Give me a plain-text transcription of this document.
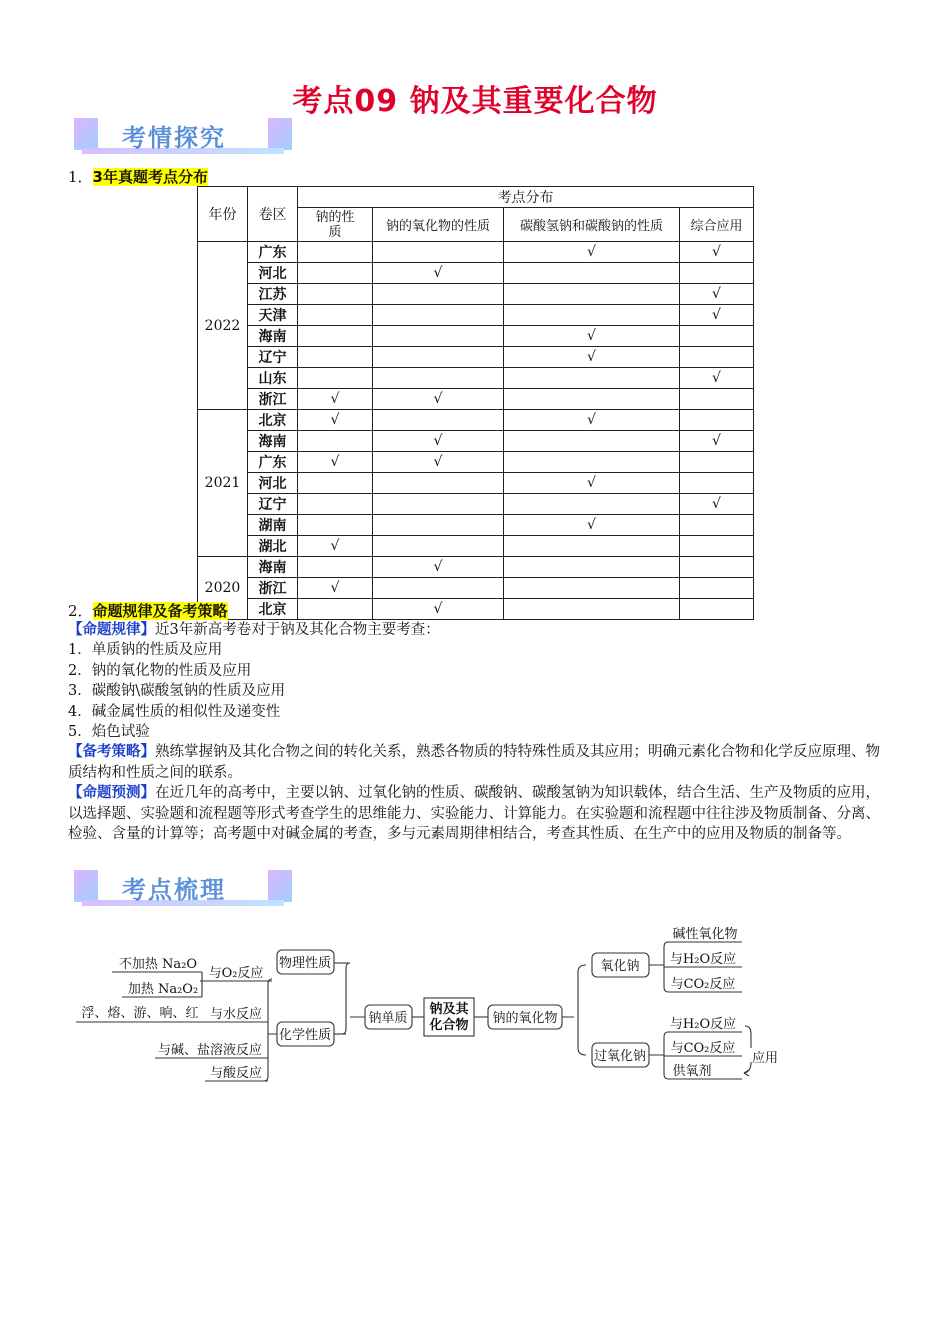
考点09 钠及其重要化合物
考情探究
1．3年真题考点分布
年份	卷区	考点分布			
		钠的性质	钠的氧化物的性质	碳酸氢钠和碳酸钠的性质	综合应用
2022	广东			√	√
	河北		√		
	江苏				√
	天津				√
	海南			√	
	辽宁			√	
	山东				√
	浙江	√	√		
2021	北京	√		√	
	海南		√		√
	广东	√	√		
	河北			√	
	辽宁				√
	湖南			√	
	湖北	√			
2020	海南		√		
	浙江	√			
	北京		√		
2．命题规律及备考策略

【命题规律】近3年新高考卷对于钠及其化合物主要考查：

1．单质钠的性质及应用

2．钠的氧化物的性质及应用

3．碳酸钠\碳酸氢钠的性质及应用

4．碱金属性质的相似性及递变性

5．焰色试验

【备考策略】熟练掌握钠及其化合物之间的转化关系，熟悉各物质的特特殊性质及其应用；明确元素化合物和化学反应原理、物质结构和性质之间的联系。

【命题预测】在近几年的高考中，主要以钠、过氧化钠的性质、碳酸钠、碳酸氢钠为知识载体，结合生活、生产及物质的应用，以选择题、实验题和流程题等形式考查学生的思维能力、实验能力、计算能力。在实验题和流程题中往往涉及物质制备、分离、检验、含量的计算等；高考题中对碱金属的考查，多与元素周期律相结合，考查其性质、在生产中的应用及物质的制备等。

考点梳理
钠及其
化合物
钠单质
物理性质
化学性质
与O₂反应
与水反应
与碱、盐溶液反应
与酸反应
不加热 Na₂O
加热 Na₂O₂
浮、熔、游、响、红	钠的氧化物
氧化钠
过氧化钠
碱性氧化物
与H₂O反应
与CO₂反应
与H₂O反应
与CO₂反应
供氧剂
应用
